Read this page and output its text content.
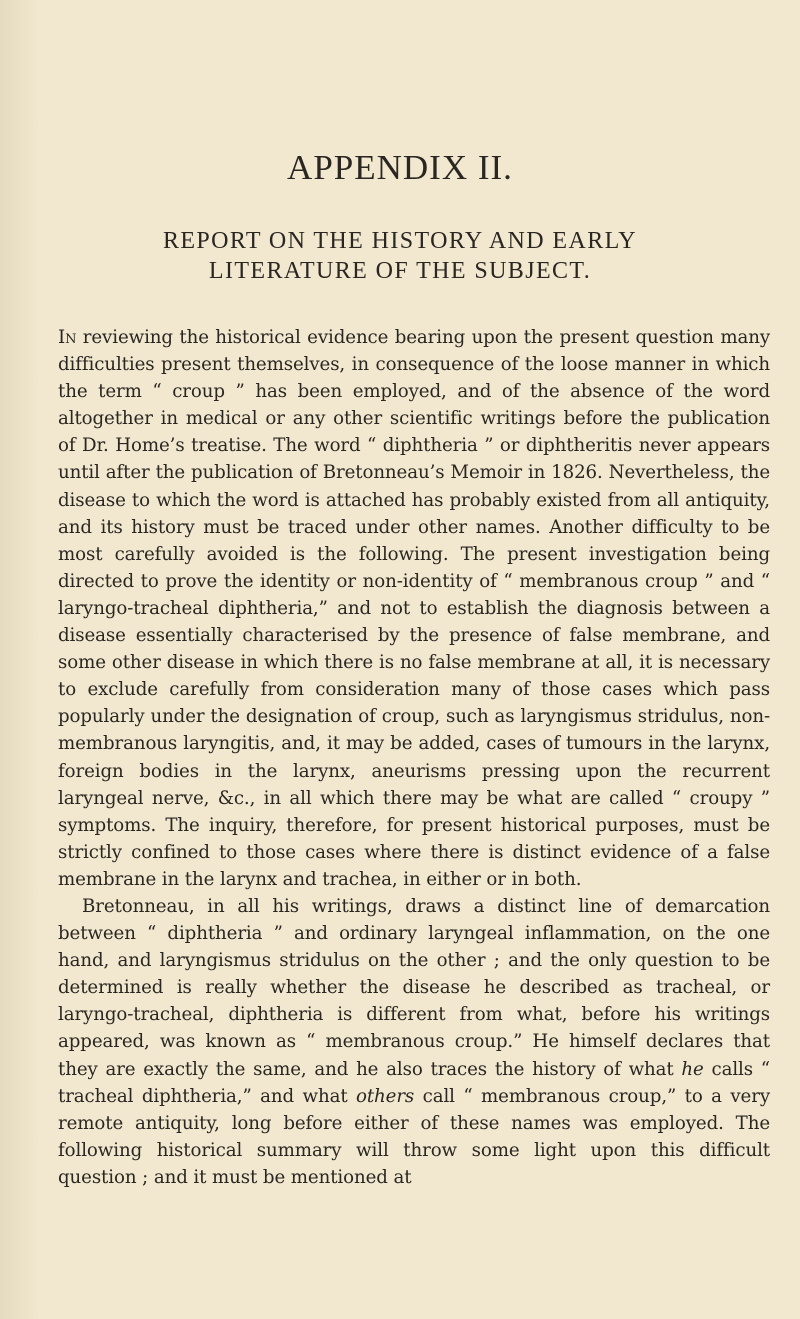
APPENDIX II.
REPORT ON THE HISTORY AND EARLY
LITERATURE OF THE SUBJECT.

In reviewing the historical evidence bearing upon the present question many difficulties present themselves, in consequence of the loose manner in which the term “ croup ” has been employed, and of the absence of the word altogether in medical or any other scientific writings before the publication of Dr. Home’s treatise. The word “ diphtheria ” or diphtheritis never appears until after the publication of Bretonneau’s Memoir in 1826. Nevertheless, the disease to which the word is attached has probably existed from all antiquity, and its history must be traced under other names. Another difficulty to be most carefully avoided is the following. The present investigation being directed to prove the identity or non-identity of “ membranous croup ” and “ laryngo-tracheal diphtheria,” and not to establish the diagnosis between a disease essentially characterised by the presence of false membrane, and some other disease in which there is no false membrane at all, it is necessary to exclude carefully from consideration many of those cases which pass popularly under the designation of croup, such as laryngismus stridulus, non-membranous laryngitis, and, it may be added, cases of tumours in the larynx, foreign bodies in the larynx, aneurisms pressing upon the recurrent laryngeal nerve, &c., in all which there may be what are called “ croupy ” symptoms. The inquiry, therefore, for present historical purposes, must be strictly confined to those cases where there is distinct evidence of a false membrane in the larynx and trachea, in either or in both.

Bretonneau, in all his writings, draws a distinct line of demarcation between “ diphtheria ” and ordinary laryngeal inflammation, on the one hand, and laryngismus stridulus on the other ; and the only question to be determined is really whether the disease he described as tracheal, or laryngo-tracheal, diphtheria is different from what, before his writings appeared, was known as “ membranous croup.” He himself declares that they are exactly the same, and he also traces the history of what he calls “ tracheal diphtheria,” and what others call “ membranous croup,” to a very remote antiquity, long before either of these names was employed. The following historical summary will throw some light upon this difficult question ; and it must be mentioned at
